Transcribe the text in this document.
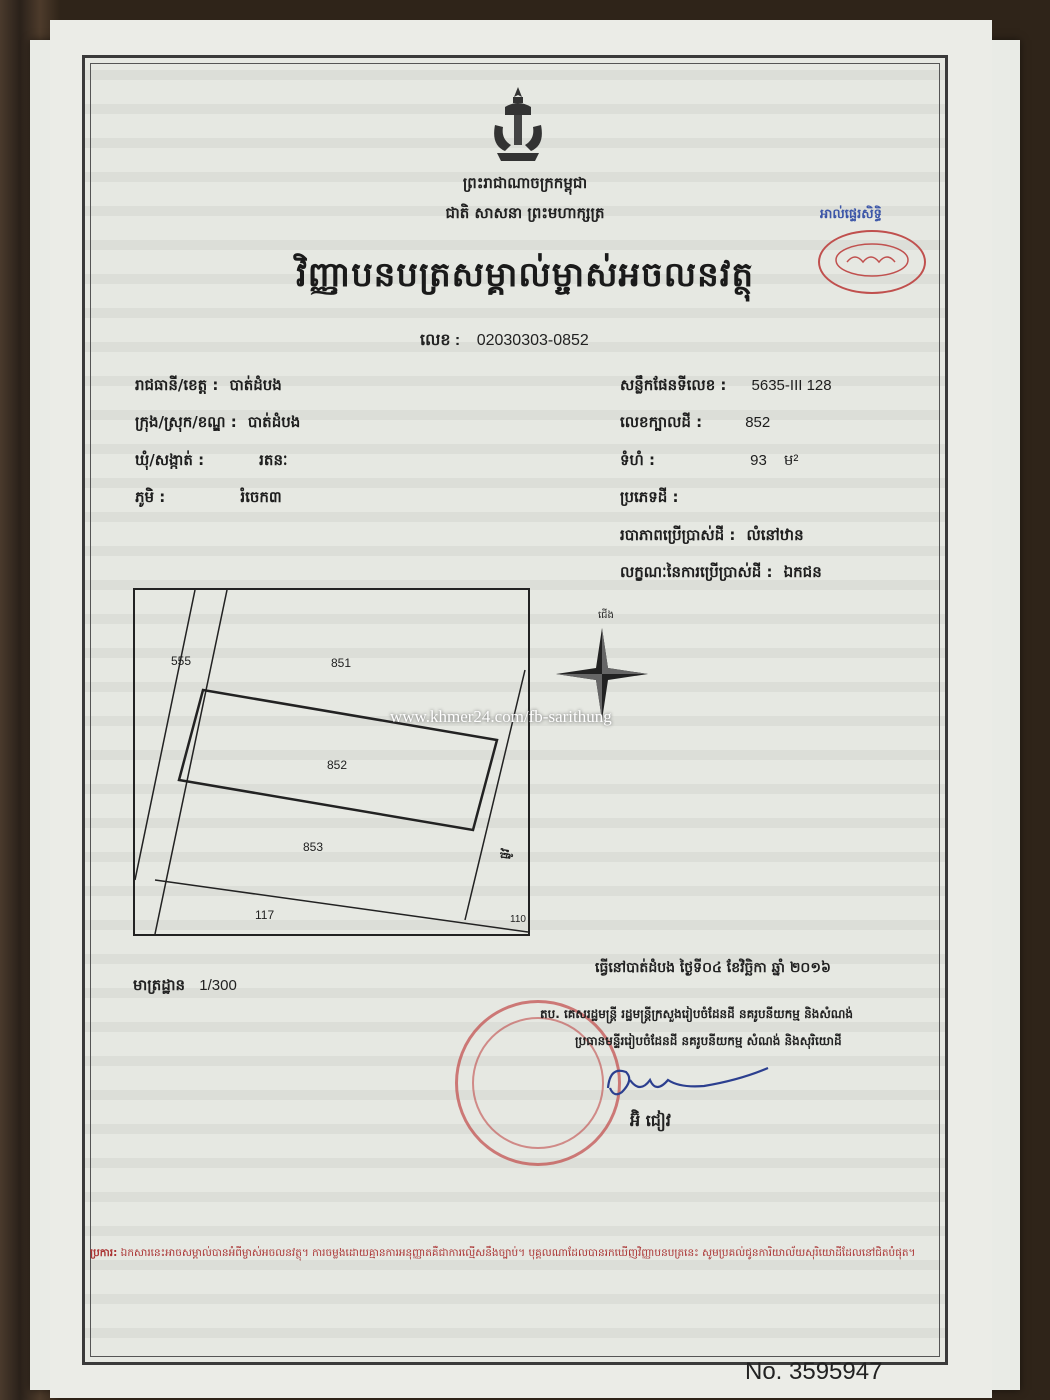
ព្រះរាជាណាចក្រកម្ពុជា
ជាតិ សាសនា ព្រះមហាក្សត្រ
វិញ្ញាបនបត្រសម្គាល់ម្ចាស់អចលនវត្ថុ
លេខ : 02030303-0852
អាល់ផ្ទេរសិទ្ធិ
រាជធានី/ខេត្ត : បាត់ដំបង
ក្រុង/ស្រុក/ខណ្ឌ : បាត់ដំបង
ឃុំ/សង្កាត់ :	រតនៈ
ភូមិ :	រំចេក៣
សន្លឹកផែនទីលេខ : 5635-III 128
លេខក្បាលដី :	852
ទំហំ :	93 ម²
ប្រភេទដី :
របាភាពប្រើប្រាស់ដី : លំនៅឋាន
លក្ខណៈនៃការប្រើប្រាស់ដី : ឯកជន
555	851
852
853
117	110
ផ្លូវ
ជើង
www.khmer24.com/fb-sarithung
មាត្រដ្ឋាន 1/300
ធ្វើនៅបាត់ដំបង ថ្ងៃទី០៤ ខែវិច្ឆិកា ឆ្នាំ ២០១៦
តប. គេសរដ្ឋមន្ត្រី រដ្ឋមន្ត្រីក្រសួងរៀបចំដែនដី នគរូបនីយកម្ម និងសំណង់
ប្រធានមន្ទីររៀបចំដែនដី នគរូបនីយកម្ម សំណង់ និងសុរិយោដី
អ៊ិ ជៀវ
ប្រការ: ឯកសារនេះអាចសម្គាល់បានអំពីម្ចាស់អចលនវត្ថុ។ ការចម្លងដោយគ្មានការអនុញ្ញាតគឺជាការល្មើសនឹងច្បាប់។ បុគ្គលណាដែលបានរកឃើញវិញ្ញាបនបត្រនេះ សូមប្រគល់ជូនការិយាល័យសុរិយោដីដែលនៅជិតបំផុត។
No. 3595947
